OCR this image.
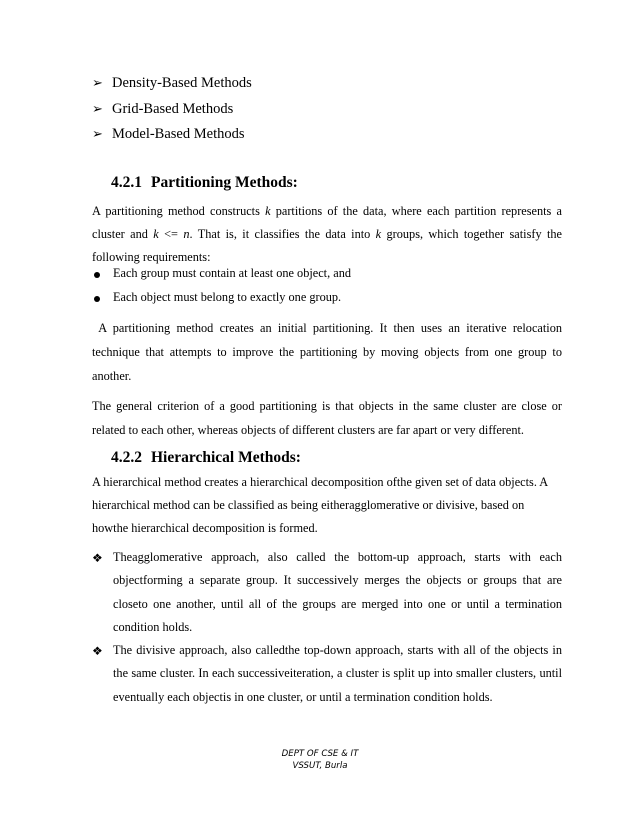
➢ Density-Based Methods
➢ Grid-Based Methods
➢ Model-Based Methods
4.2.1 Partitioning Methods:
A partitioning method constructs k partitions of the data, where each partition represents a cluster and k <= n. That is, it classifies the data into k groups, which together satisfy the following requirements:
Each group must contain at least one object, and
Each object must belong to exactly one group.
A partitioning method creates an initial partitioning. It then uses an iterative relocation technique that attempts to improve the partitioning by moving objects from one group to another.
The general criterion of a good partitioning is that objects in the same cluster are close or related to each other, whereas objects of different clusters are far apart or very different.
4.2.2 Hierarchical Methods:
A hierarchical method creates a hierarchical decomposition ofthe given set of data objects. A
hierarchical method can be classified as being eitheragglomerative or divisive, based on
howthe hierarchical decomposition is formed.
❖ Theagglomerative approach, also called the bottom-up approach, starts with each objectforming a separate group. It successively merges the objects or groups that are closeto one another, until all of the groups are merged into one or until a termination condition holds.
❖ The divisive approach, also calledthe top-down approach, starts with all of the objects in the same cluster. In each successiveiteration, a cluster is split up into smaller clusters, until eventually each objectis in one cluster, or until a termination condition holds.
DEPT OF CSE & IT
VSSUT, Burla
